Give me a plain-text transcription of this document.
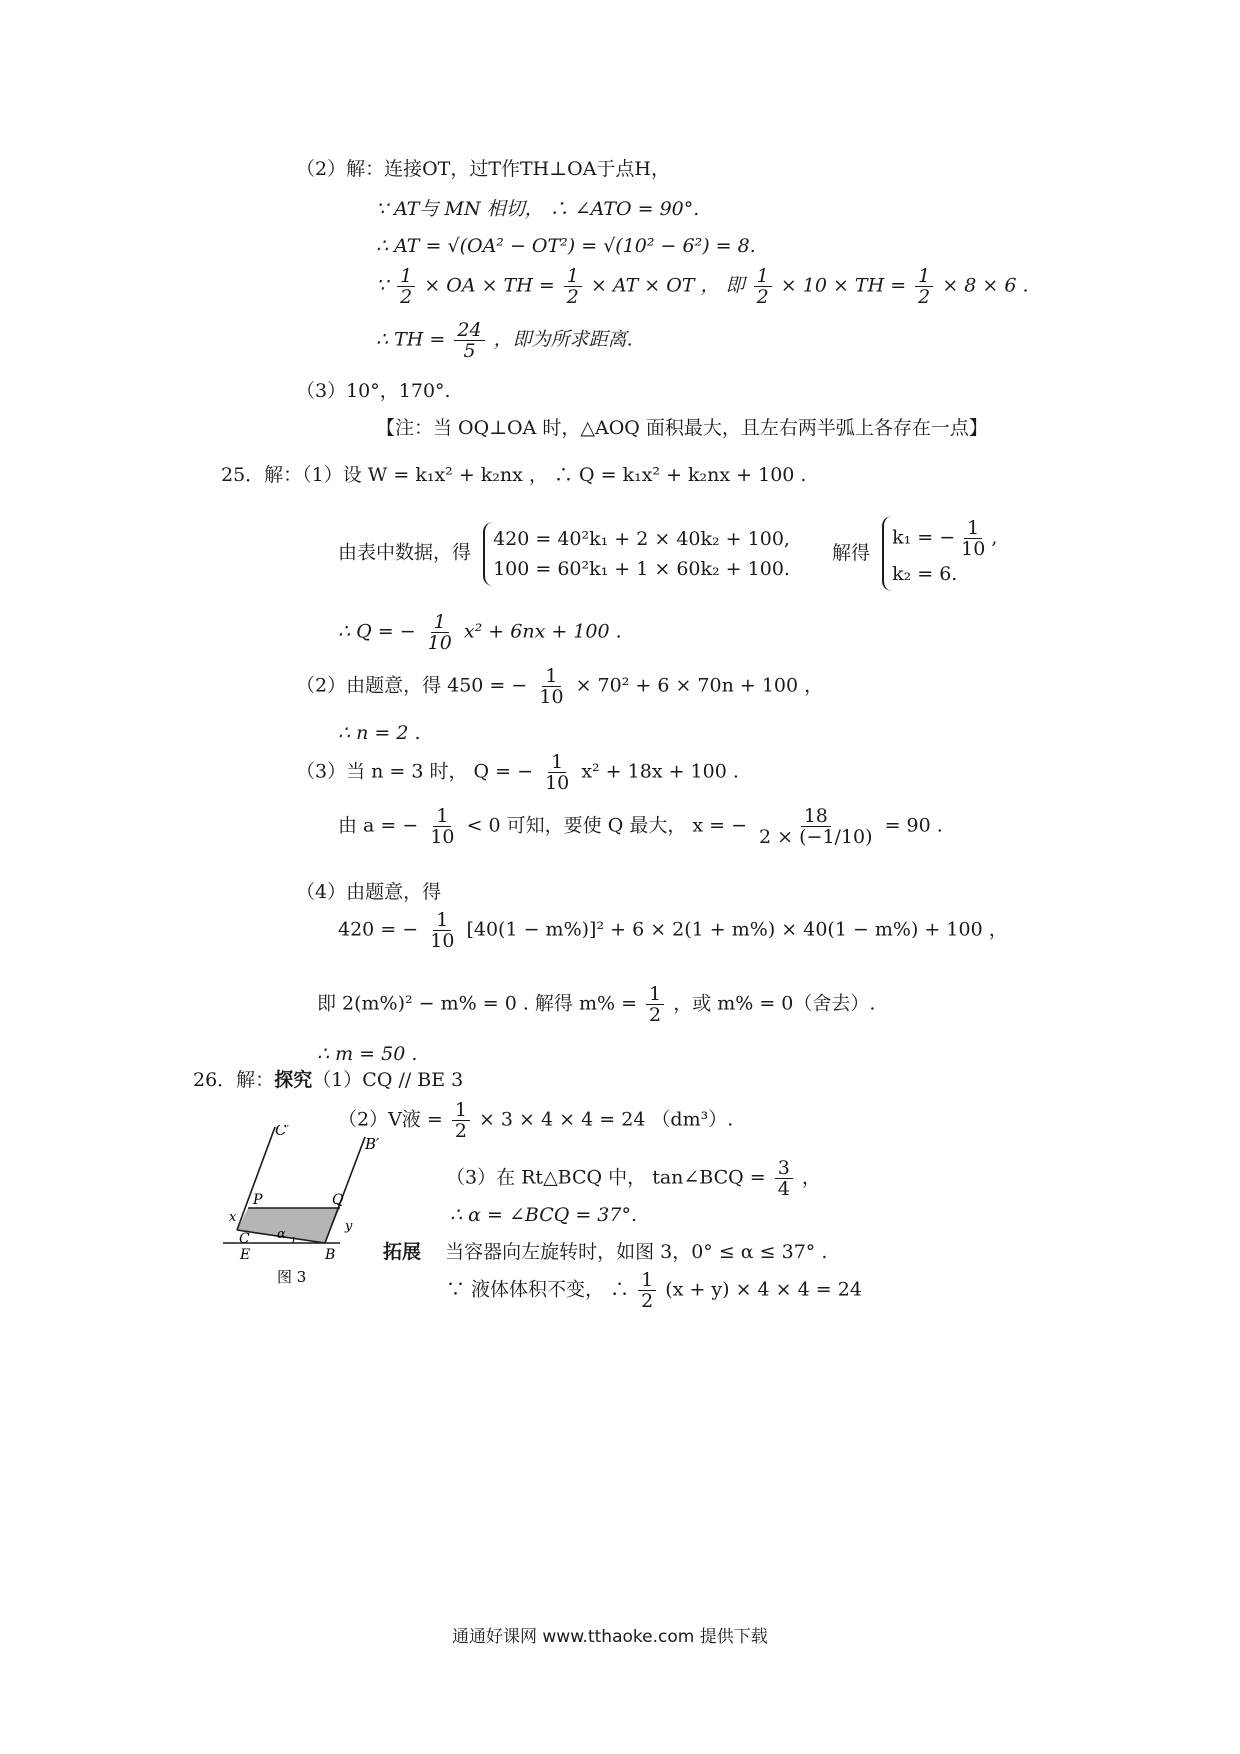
（2）解：连接OT，过T作TH⊥OA于点H，
∵ AT与 MN 相切， ∴ ∠ATO = 90°.
∴ AT = √(OA² − OT²) = √(10² − 6²) = 8.
∵ $\frac{1}{2}$ × OA × TH = $\frac{1}{2}$ × AT × OT ， 即 $\frac{1}{2} \times 10$ × TH = $\frac{1}{2} \times 8 \times 6$ .
∴ TH = $\frac{24}{5}$ ，即为所求距离.
（3）10°，170°.
【注：当 OQ⊥OA 时，△AOQ 面积最大，且左右两半弧上各存在一点】
25．解：（1）设 W = k₁x² + k₂nx ， ∴ Q = k₁x² + k₂nx + 100 .
由表中数据，得
420 = 40²k₁ + 2 × 40k₂ + 100,
100 = 60²k₁ + 1 × 60k₂ + 100.
解得
k₁ = − $\frac{1}{10}$ ,
k₂ = 6.
∴ Q = − $\frac{1}{10} x^2 + 6nx + 100$ .
（2）由题意，得 450 = − $\frac{1}{10} \times 70^2 + 6 \times 70n + 100$ ，
∴ n = 2 .
（3）当 n = 3 时， Q = − $\frac{1}{10} x^2 + 18x + 100$ .
由 a = − $\frac{1}{10} < 0$ 可知，要使 Q 最大， x = − $\frac{18}{2 \times (-1/10)} = 90$ .
（4）由题意，得
420 = − $\frac{1}{10} [40(1 - m\%)]^2 + 6 \times 2(1 + m\%) \times 40(1 - m\%) + 100$ ，
即 2(m%)² − m% = 0 . 解得 $m\% = \frac{1}{2}$ ，或 m% = 0（舍去）.
∴ m = 50 .
26．解：探究（1）CQ // BE 3
（2）V液 = $\frac{1}{2} \times 3 \times 4 \times 4 = 24$ （dm³）.
（3）在 Rt△BCQ 中， tan∠BCQ = $\frac{3}{4}$ ，
∴ α = ∠BCQ = 37°.
拓展 当容器向左旋转时，如图 3，0° ≤ α ≤ 37° .
∵ 液体体积不变， ∴ $\frac{1}{2} (x + y) \times 4 \times 4 = 24$
C′
B′
P	Q
C
B
E
x
y
α
图 3
通通好课网 www.tthaoke.com 提供下载
